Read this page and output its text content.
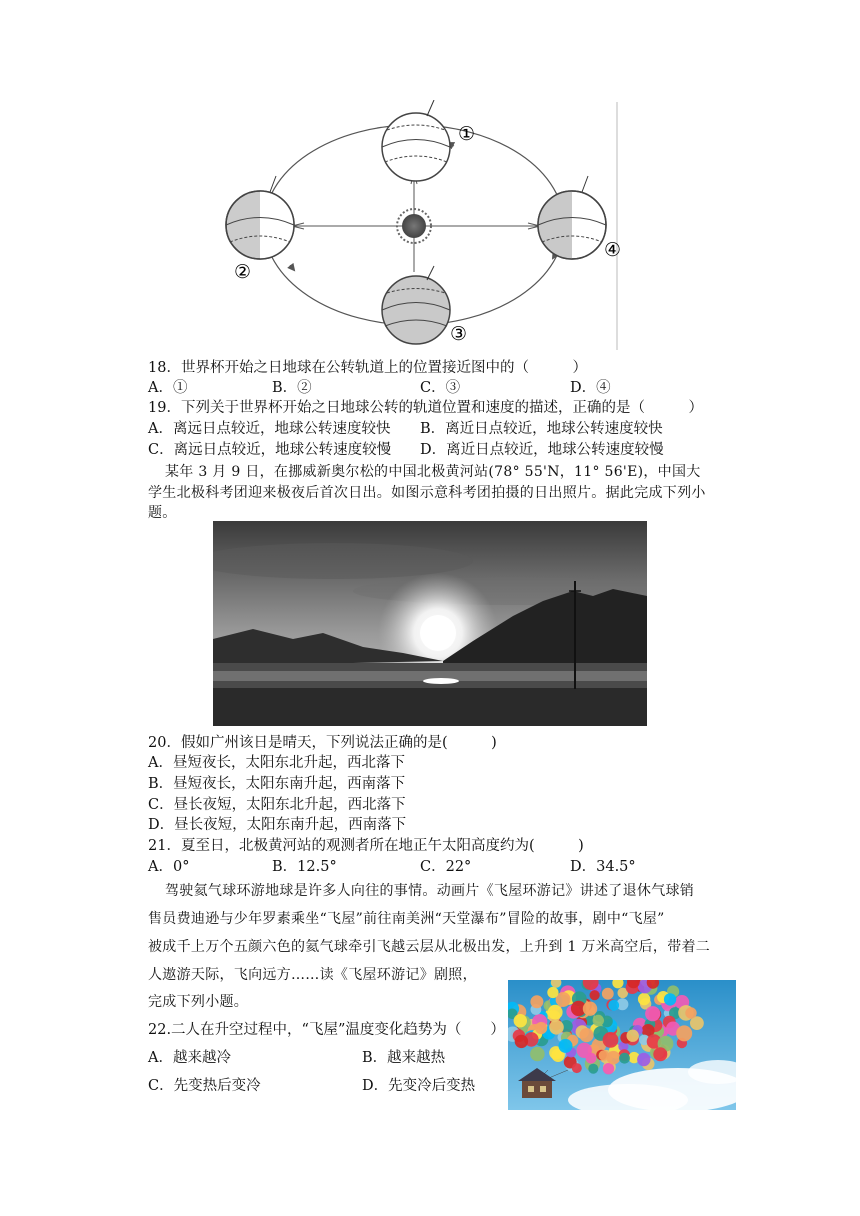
①
②
③
④
18．世界杯开始之日地球在公转轨道上的位置接近图中的（　　　）
A．①	B．②	C．③	D．④
19．下列关于世界杯开始之日地球公转的轨道位置和速度的描述，正确的是（　　　）
A．离远日点较近，地球公转速度较快 B．离近日点较近，地球公转速度较快
C．离远日点较近，地球公转速度较慢 D．离近日点较近，地球公转速度较慢
某年 3 月 9 日，在挪威新奥尔松的中国北极黄河站(78° 55'N，11° 56'E)，中国大
学生北极科考团迎来极夜后首次日出。如图示意科考团拍摄的日出照片。据此完成下列小
题。
20．假如广州该日是晴天，下列说法正确的是(　　　)
A．昼短夜长，太阳东北升起，西北落下
B．昼短夜长，太阳东南升起，西南落下
C．昼长夜短，太阳东北升起，西北落下
D．昼长夜短，太阳东南升起，西南落下
21．夏至日，北极黄河站的观测者所在地正午太阳高度约为(　　　)
A．0°	B．12.5°	C．22°	D．34.5°
驾驶氦气球环游地球是许多人向往的事情。动画片《飞屋环游记》讲述了退休气球销
售员费迪逊与少年罗素乘坐“飞屋”前往南美洲“天堂瀑布”冒险的故事，剧中“飞屋”
被成千上万个五颜六色的氦气球牵引飞越云层从北极出发，上升到 1 万米高空后，带着二
人遨游天际，飞向远方……读《飞屋环游记》剧照，
完成下列小题。
22.二人在升空过程中，“飞屋”温度变化趋势为（　　）
A．越来越冷	B．越来越热
C．先变热后变冷	D．先变冷后变热
